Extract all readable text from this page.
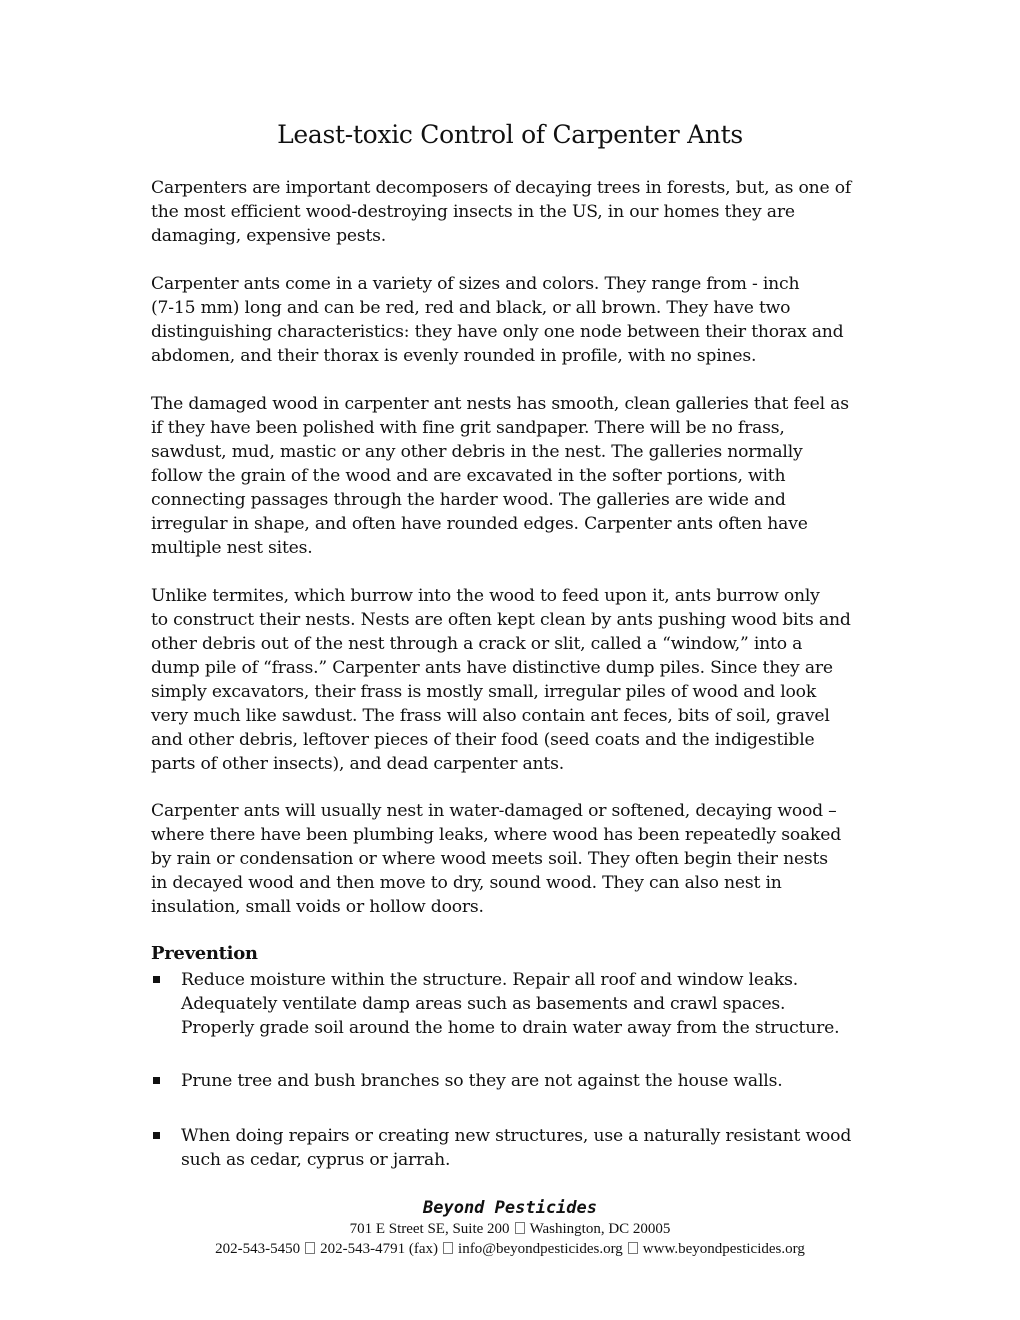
Least-toxic Control of Carpenter Ants
Carpenters are important decomposers of decaying trees in forests, but, as one of
the most efficient wood-destroying insects in the US, in our homes they are
damaging, expensive pests.
Carpenter ants come in a variety of sizes and colors. They range from - inch
(7-15 mm) long and can be red, red and black, or all brown. They have two
distinguishing characteristics: they have only one node between their thorax and
abdomen, and their thorax is evenly rounded in profile, with no spines.
The damaged wood in carpenter ant nests has smooth, clean galleries that feel as
if they have been polished with fine grit sandpaper. There will be no frass,
sawdust, mud, mastic or any other debris in the nest. The galleries normally
follow the grain of the wood and are excavated in the softer portions, with
connecting passages through the harder wood. The galleries are wide and
irregular in shape, and often have rounded edges. Carpenter ants often have
multiple nest sites.
Unlike termites, which burrow into the wood to feed upon it, ants burrow only
to construct their nests. Nests are often kept clean by ants pushing wood bits and
other debris out of the nest through a crack or slit, called a “window,” into a
dump pile of “frass.” Carpenter ants have distinctive dump piles. Since they are
simply excavators, their frass is mostly small, irregular piles of wood and look
very much like sawdust. The frass will also contain ant feces, bits of soil, gravel
and other debris, leftover pieces of their food (seed coats and the indigestible
parts of other insects), and dead carpenter ants.
Carpenter ants will usually nest in water-damaged or softened, decaying wood –
where there have been plumbing leaks, where wood has been repeatedly soaked
by rain or condensation or where wood meets soil. They often begin their nests
in decayed wood and then move to dry, sound wood. They can also nest in
insulation, small voids or hollow doors.
Prevention
Reduce moisture within the structure. Repair all roof and window leaks.
Adequately ventilate damp areas such as basements and crawl spaces.
Properly grade soil around the home to drain water away from the structure.
Prune tree and bush branches so they are not against the house walls.
When doing repairs or creating new structures, use a naturally resistant wood
such as cedar, cyprus or jarrah.
Beyond Pesticides
701 E Street SE, Suite 200 Washington, DC 20005
202-543-5450 202-543-4791 (fax) info@beyondpesticides.org www.beyondpesticides.org
